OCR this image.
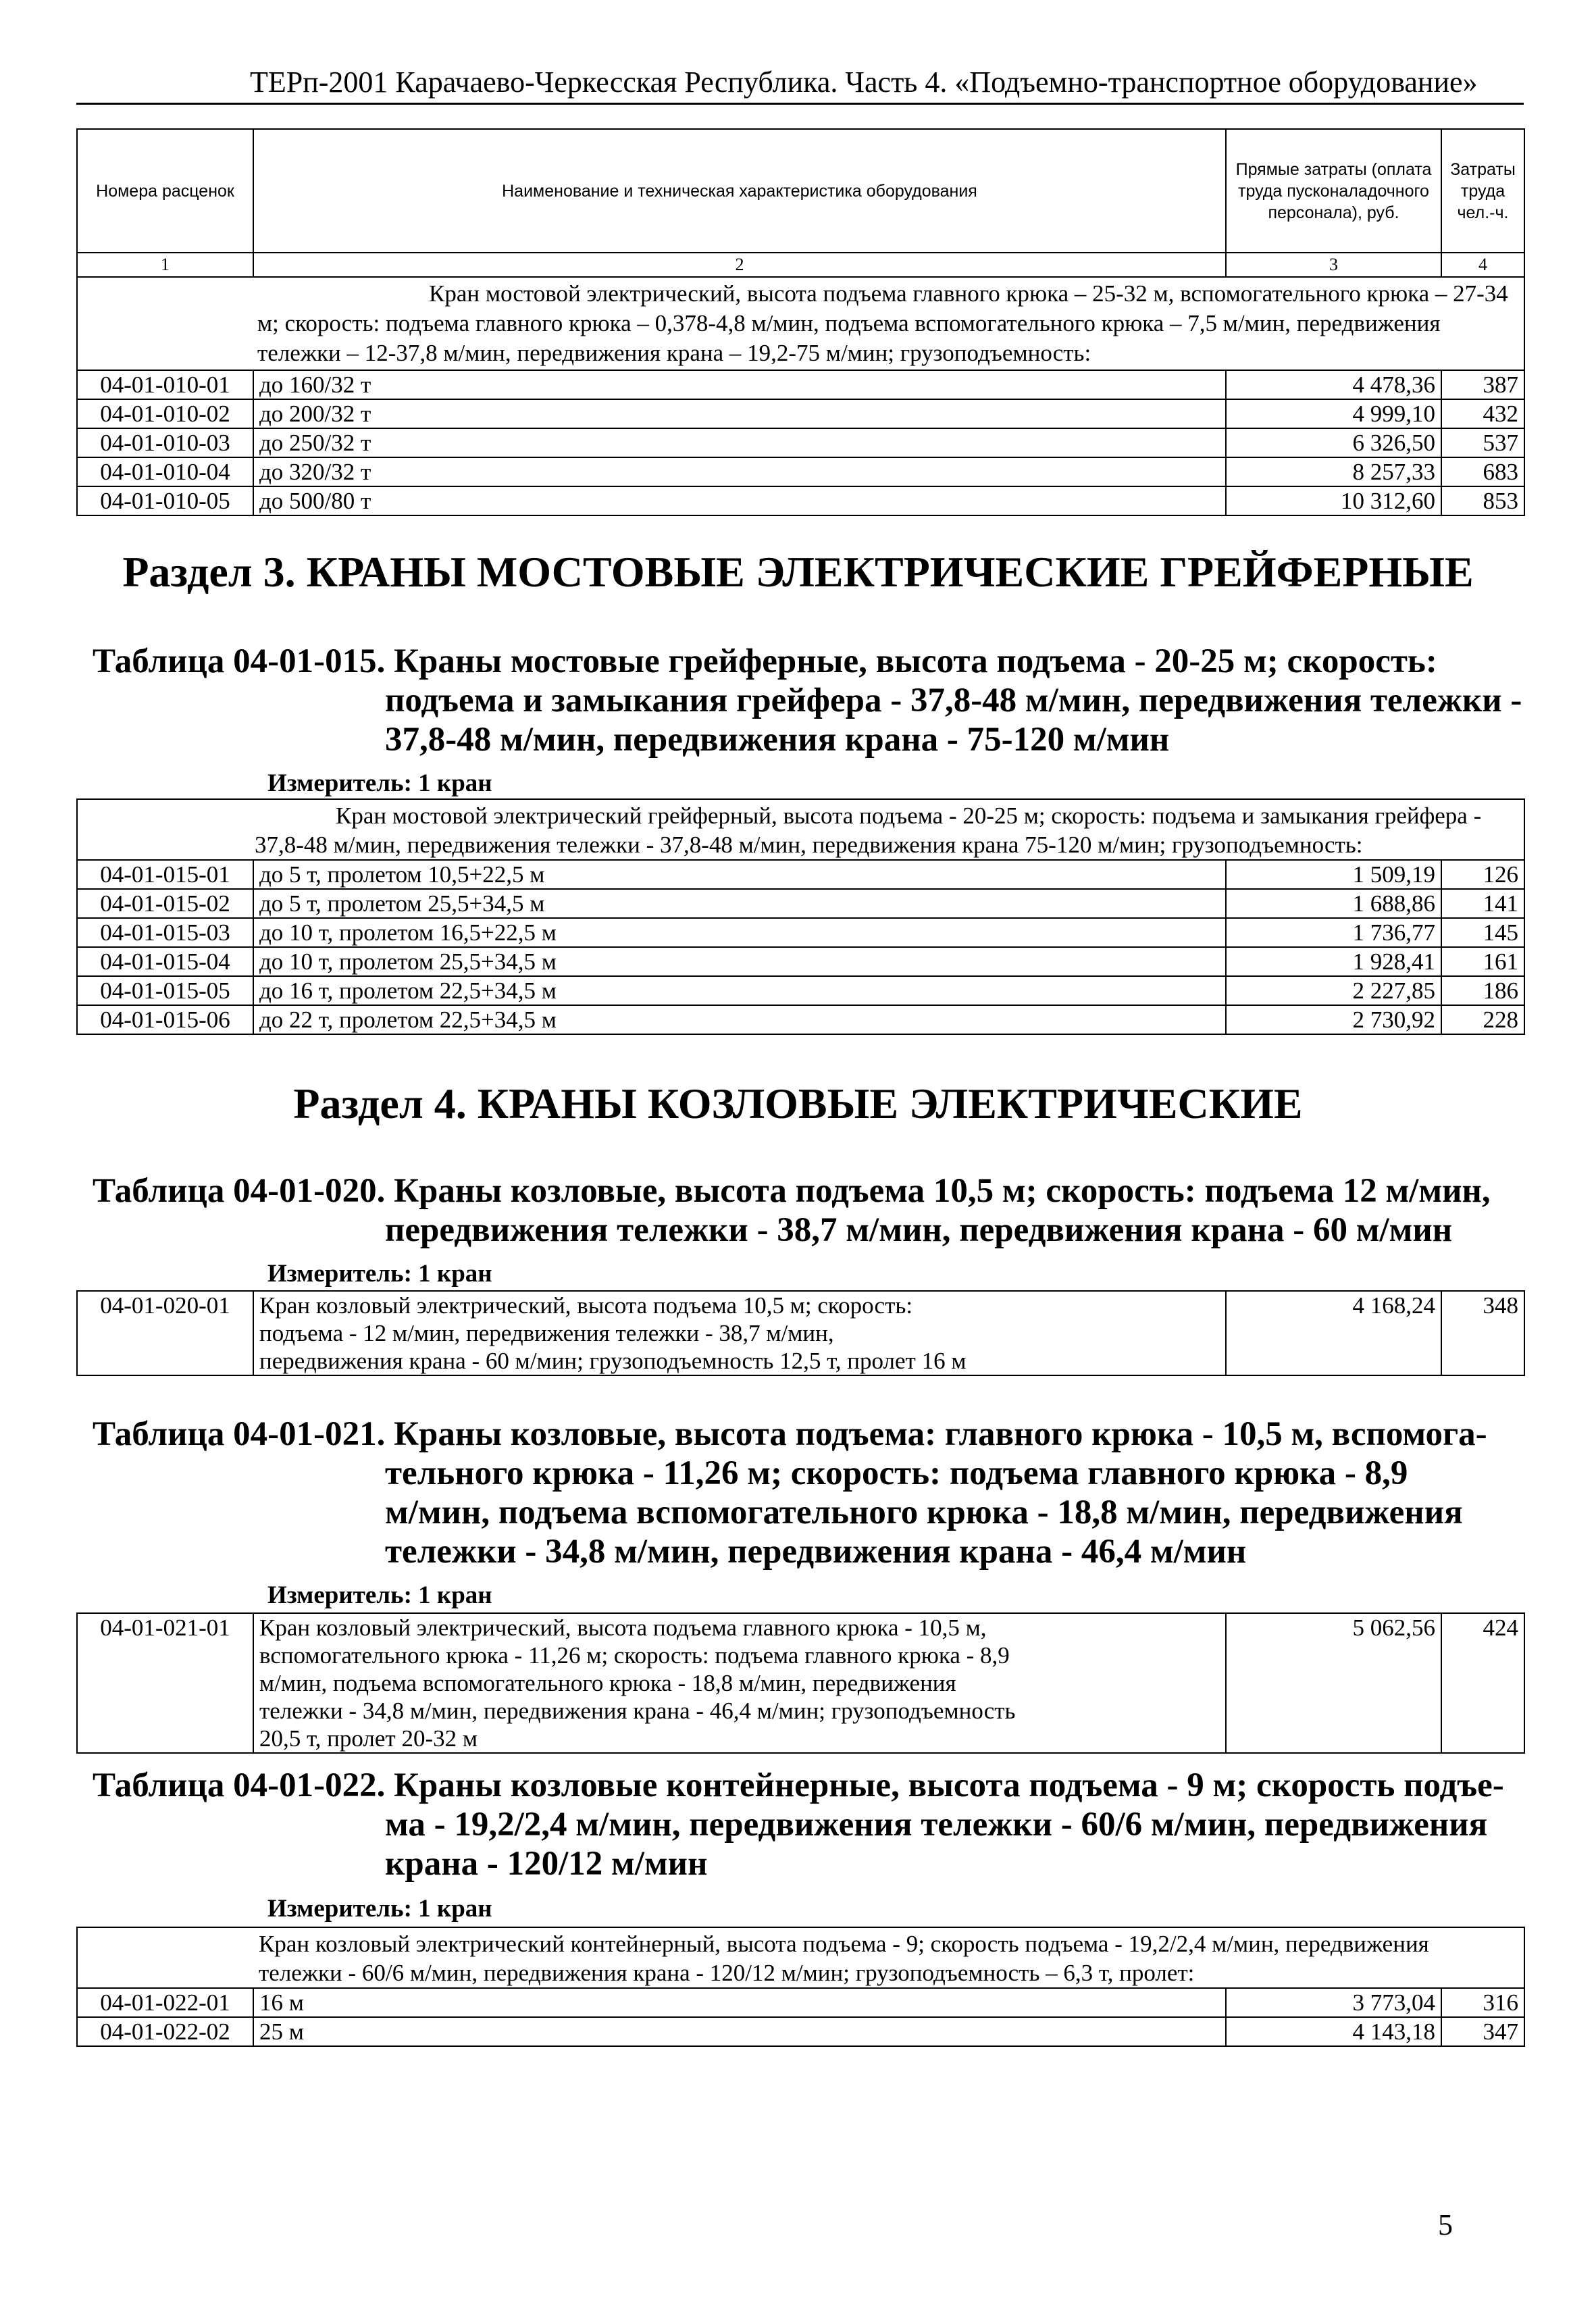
ТЕРп-2001 Карачаево-Черкесская Республика. Часть 4. «Подъемно-транспортное оборудование»
Номера расценок	Наименование и техническая характеристика оборудования	Прямые затраты (оплата труда пусконаладочного персонала), руб.	Затраты труда чел.-ч.
1	2	3	4

	Кран мостовой электрический, высота подъема главного крюка – 25-32 м, вспомогательного крюка – 27-34 м; скорость: подъема главного крюка – 0,378-4,8 м/мин, подъема вспомогательного крюка – 7,5 м/мин, передвижения тележки – 12-37,8 м/мин, передвижения крана – 19,2-75 м/мин; грузоподъемность:		

04-01-010-01	до 160/32 т	4 478,36	387
04-01-010-02	до 200/32 т	4 999,10	432
04-01-010-03	до 250/32 т	6 326,50	537
04-01-010-04	до 320/32 т	8 257,33	683
04-01-010-05	до 500/80 т	10 312,60	853
Раздел 3. КРАНЫ МОСТОВЫЕ ЭЛЕКТРИЧЕСКИЕ ГРЕЙФЕРНЫЕ
Таблица 04-01-015. Краны мостовые грейферные, высота подъема - 20-25 м; скорость:
подъема и замыкания грейфера - 37,8-48 м/мин, передвижения тележки -
37,8-48 м/мин, передвижения крана - 75-120 м/мин
Измеритель: 1 кран
Кран мостовой электрический грейферный, высота подъема - 20-25 м; скорость: подъема и замыкания грейфера - 37,8-48 м/мин, передвижения тележки - 37,8-48 м/мин, передвижения крана 75-120 м/мин; грузоподъемность:			

04-01-015-01	до 5 т, пролетом 10,5+22,5 м	1 509,19	126
04-01-015-02	до 5 т, пролетом 25,5+34,5 м	1 688,86	141
04-01-015-03	до 10 т, пролетом 16,5+22,5 м	1 736,77	145
04-01-015-04	до 10 т, пролетом 25,5+34,5 м	1 928,41	161
04-01-015-05	до 16 т, пролетом 22,5+34,5 м	2 227,85	186
04-01-015-06	до 22 т, пролетом 22,5+34,5 м	2 730,92	228
Раздел 4. КРАНЫ КОЗЛОВЫЕ ЭЛЕКТРИЧЕСКИЕ
Таблица 04-01-020. Краны козловые, высота подъема 10,5 м; скорость: подъема 12 м/мин,
передвижения тележки - 38,7 м/мин, передвижения крана - 60 м/мин
Измеритель: 1 кран
04-01-020-01	Кран козловый электрический, высота подъема 10,5 м; скорость: подъема - 12 м/мин, передвижения тележки - 38,7 м/мин, передвижения крана - 60 м/мин; грузоподъемность 12,5 т, пролет 16 м	4 168,24	348
Таблица 04-01-021. Краны козловые, высота подъема: главного крюка - 10,5 м, вспомога-
тельного крюка - 11,26 м; скорость: подъема главного крюка - 8,9
м/мин, подъема вспомогательного крюка - 18,8 м/мин, передвижения
тележки - 34,8 м/мин, передвижения крана - 46,4 м/мин
Измеритель: 1 кран
04-01-021-01	Кран козловый электрический, высота подъема главного крюка - 10,5 м, вспомогательного крюка - 11,26 м; скорость: подъема главного крюка - 8,9 м/мин, подъема вспомогательного крюка - 18,8 м/мин, передвижения тележки - 34,8 м/мин, передвижения крана - 46,4 м/мин; грузоподъемность 20,5 т, пролет 20-32 м	5 062,56	424
Таблица 04-01-022. Краны козловые контейнерные, высота подъема - 9 м; скорость подъе-
ма - 19,2/2,4 м/мин, передвижения тележки - 60/6 м/мин, передвижения
крана - 120/12 м/мин
Измеритель: 1 кран
	Кран козловый электрический контейнерный, высота подъема - 9; скорость подъема - 19,2/2,4 м/мин, передвижения тележки - 60/6 м/мин, передвижения крана - 120/12 м/мин; грузоподъемность – 6,3 т, пролет:		
04-01-022-01	16 м	3 773,04	316
04-01-022-02	25 м	4 143,18	347
5
